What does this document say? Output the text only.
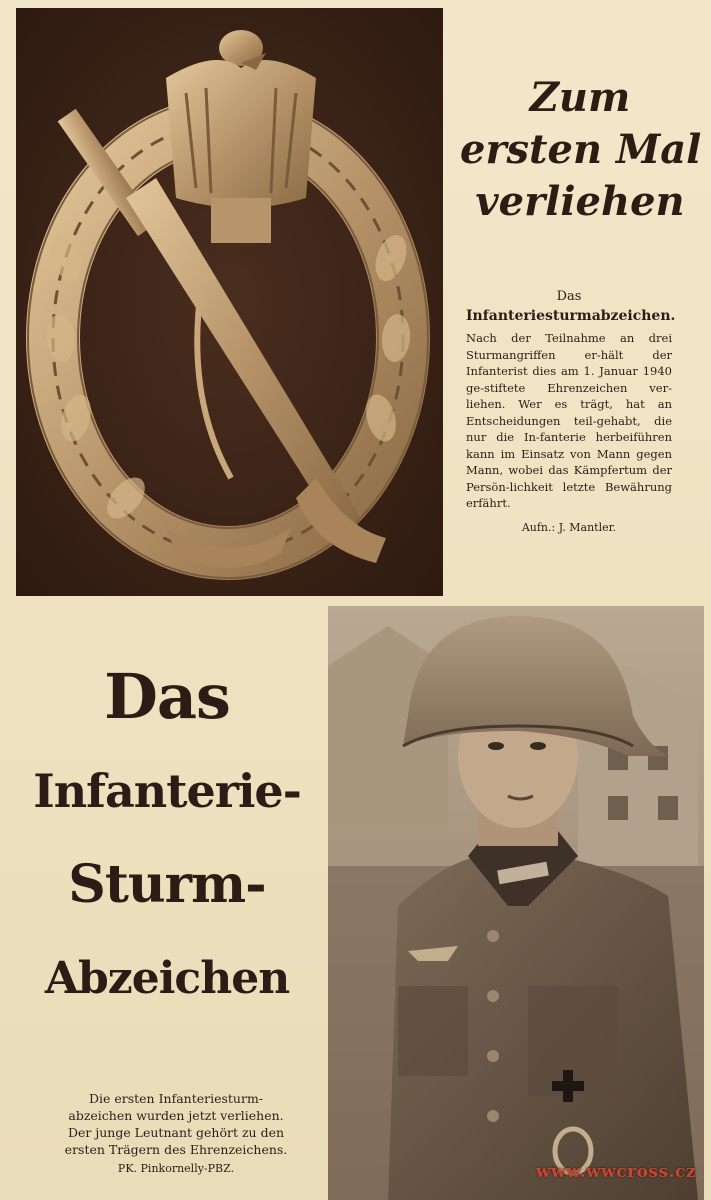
Zum
ersten Mal
verliehen
Das
Infanteriesturmabzeichen.
Nach der Teilnahme an drei Sturmangriffen er-hält der Infanterist dies am 1. Januar 1940 ge-stiftete Ehrenzeichen ver-liehen. Wer es trägt, hat an Entscheidungen teil-gehabt, die nur die In-fanterie herbeiführen kann im Einsatz von Mann gegen Mann, wobei das Kämpfertum der Persön-lichkeit letzte Bewährung erfährt.
Aufn.: J. Mantler.
Das
Infanterie-
Sturm-
Abzeichen
Die ersten Infanteriesturm-
abzeichen wurden jetzt verliehen.
Der junge Leutnant gehört zu den
ersten Trägern des Ehrenzeichens.
PK. Pinkornelly-PBZ.	www.wwcross.cz
